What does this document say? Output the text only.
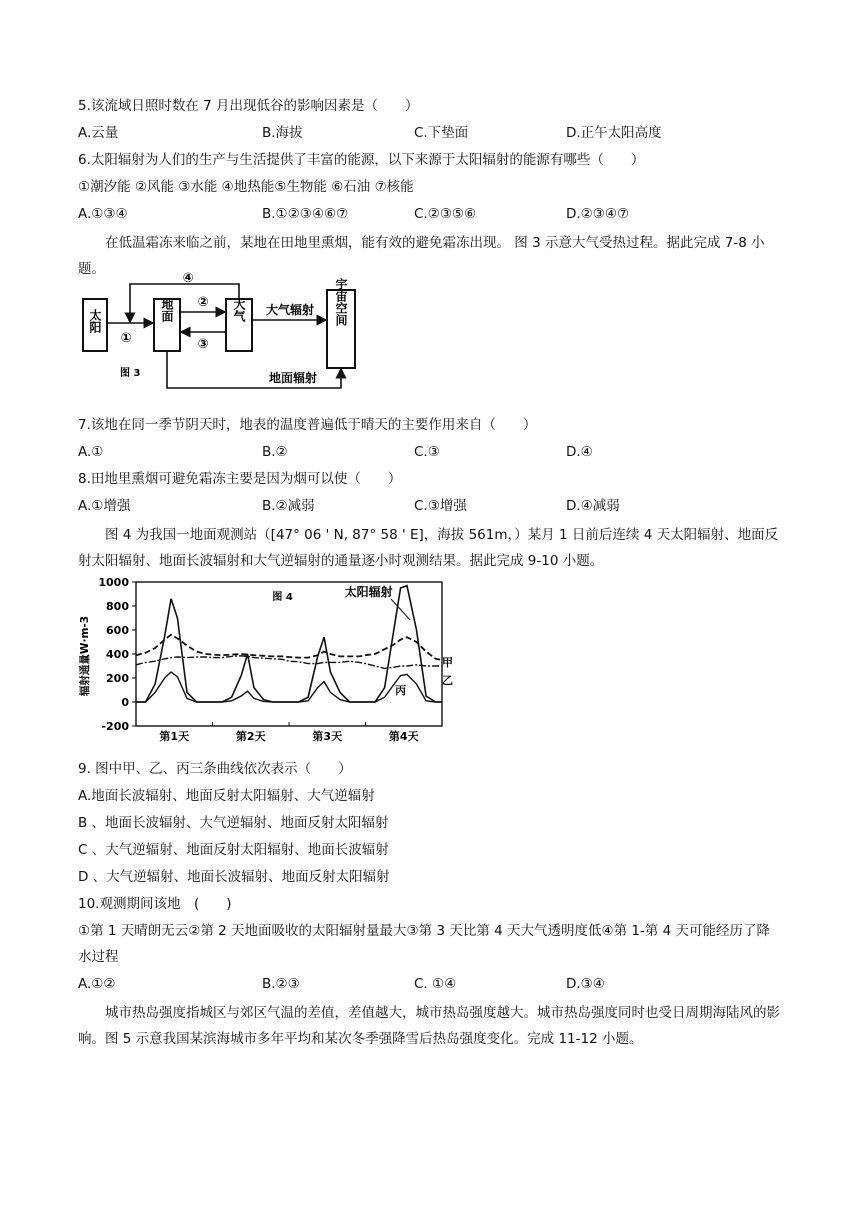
5.该流域日照时数在 7 月出现低谷的影响因素是（　　）
A.云量	B.海拔	C.下垫面	D.正午太阳高度
6.太阳辐射为人们的生产与生活提供了丰富的能源，以下来源于太阳辐射的能源有哪些（　　）
①潮汐能 ②风能 ③水能 ④地热能⑤生物能 ⑥石油 ⑦核能
A.①③④	B.①②③④⑥⑦	C.②③⑤⑥	D.②③④⑦
在低温霜冻来临之前，某地在田地里熏烟，能有效的避免霜冻出现。 图 3 示意大气受热过程。据此完成 7-8 小题。
太阳	地面	大气	宇宙空间
①
②
③
④
大气辐射
地面辐射
图 3
7.该地在同一季节阴天时，地表的温度普遍低于晴天的主要作用来自（　　）
A.①	B.②	C.③	D.④
8.田地里熏烟可避免霜冻主要是因为烟可以使（　　）
A.①增强	B.②减弱	C.③增强	D.④减弱
图 4 为我国一地面观测站（[47° 06 ' N, 87° 58 ' E]，海拔 561m，）某月 1 日前后连续 4 天太阳辐射、地面反射太阳辐射、地面长波辐射和大气逆辐射的通量逐小时观测结果。据此完成 9-10 小题。
-200
0
200
400
600
800
1000
第1天	第2天	第3天	第4天
辐射通量W·m-3
图 4	太阳辐射
甲
乙
丙
9. 图中甲、乙、丙三条曲线依次表示（　　）
A.地面长波辐射、地面反射太阳辐射、大气逆辐射
B 、地面长波辐射、大气逆辐射、地面反射太阳辐射
C 、大气逆辐射、地面反射太阳辐射、地面长波辐射
D 、大气逆辐射、地面长波辐射、地面反射太阳辐射
10.观测期间该地　(　　)
①第 1 天晴朗无云②第 2 天地面吸收的太阳辐射量最大③第 3 天比第 4 天大气透明度低④第 1-第 4 天可能经历了降水过程
A.①②	B.②③	C. ①④	D.③④
城市热岛强度指城区与郊区气温的差值，差值越大，城市热岛强度越大。城市热岛强度同时也受日周期海陆风的影响。图 5 示意我国某滨海城市多年平均和某次冬季强降雪后热岛强度变化。完成 11-12 小题。
